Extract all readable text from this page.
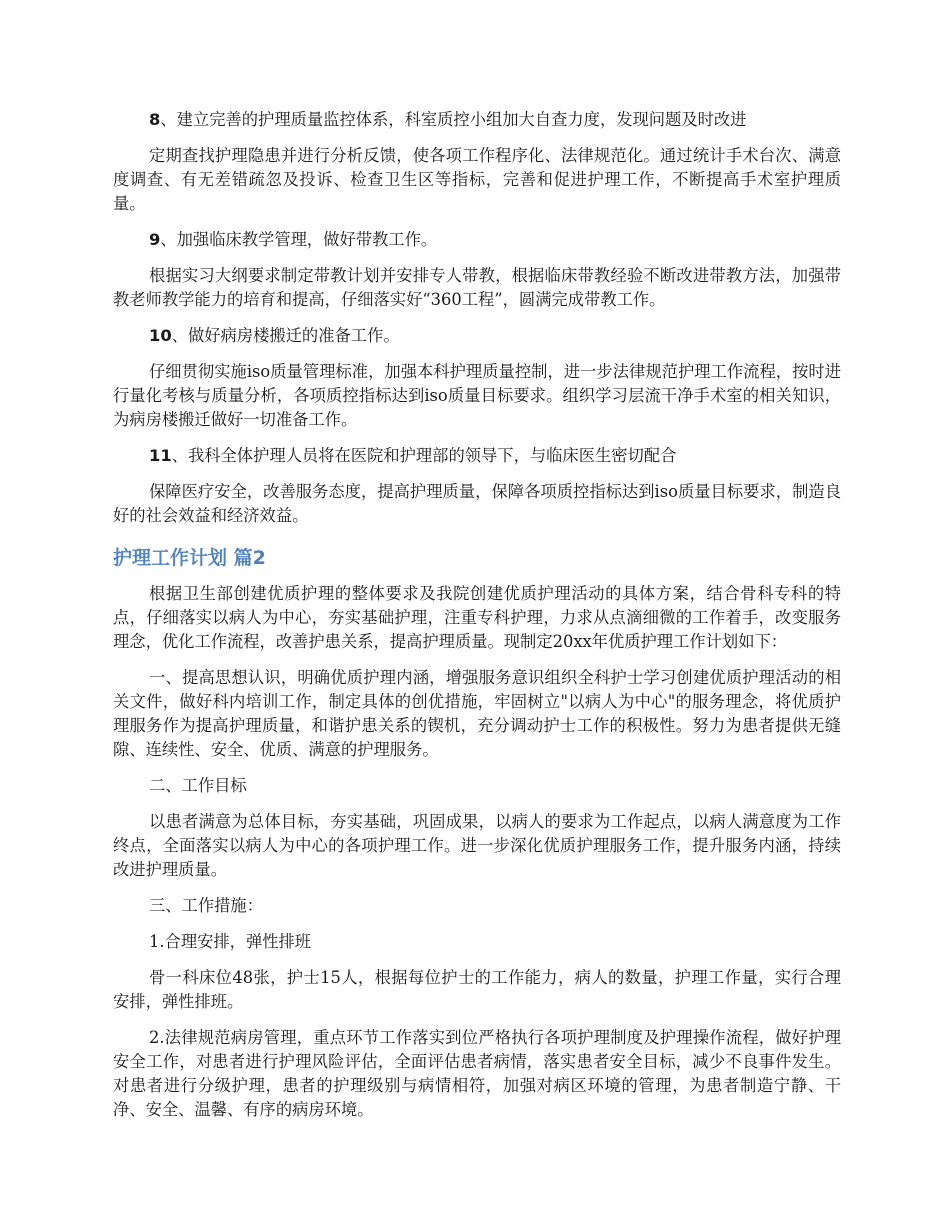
8、建立完善的护理质量监控体系，科室质控小组加大自查力度，发现问题及时改进

定期查找护理隐患并进行分析反馈，使各项工作程序化、法律规范化。通过统计手术台次、满意度调查、有无差错疏忽及投诉、检查卫生区等指标，完善和促进护理工作，不断提高手术室护理质量。

9、加强临床教学管理，做好带教工作。

根据实习大纲要求制定带教计划并安排专人带教，根据临床带教经验不断改进带教方法，加强带教老师教学能力的培育和提高，仔细落实好“360工程”，圆满完成带教工作。

10、做好病房楼搬迁的准备工作。

仔细贯彻实施iso质量管理标准，加强本科护理质量控制，进一步法律规范护理工作流程，按时进行量化考核与质量分析，各项质控指标达到iso质量目标要求。组织学习层流干净手术室的相关知识，为病房楼搬迁做好一切准备工作。

11、我科全体护理人员将在医院和护理部的领导下，与临床医生密切配合

保障医疗安全，改善服务态度，提高护理质量，保障各项质控指标达到iso质量目标要求，制造良好的社会效益和经济效益。

护理工作计划 篇2

根据卫生部创建优质护理的整体要求及我院创建优质护理活动的具体方案，结合骨科专科的特点，仔细落实以病人为中心，夯实基础护理，注重专科护理，力求从点滴细微的工作着手，改变服务理念，优化工作流程，改善护患关系，提高护理质量。现制定20xx年优质护理工作计划如下：

一、提高思想认识，明确优质护理内涵，增强服务意识组织全科护士学习创建优质护理活动的相关文件，做好科内培训工作，制定具体的创优措施，牢固树立"以病人为中心"的服务理念，将优质护理服务作为提高护理质量，和谐护患关系的锲机，充分调动护士工作的积极性。努力为患者提供无缝隙、连续性、安全、优质、满意的护理服务。

二、工作目标

以患者满意为总体目标，夯实基础，巩固成果，以病人的要求为工作起点，以病人满意度为工作终点，全面落实以病人为中心的各项护理工作。进一步深化优质护理服务工作，提升服务内涵，持续改进护理质量。

三、工作措施：

1.合理安排，弹性排班

骨一科床位48张，护士15人，根据每位护士的工作能力，病人的数量，护理工作量，实行合理安排，弹性排班。

2.法律规范病房管理，重点环节工作落实到位严格执行各项护理制度及护理操作流程，做好护理安全工作，对患者进行护理风险评估，全面评估患者病情，落实患者安全目标，减少不良事件发生。对患者进行分级护理，患者的护理级别与病情相符，加强对病区环境的管理，为患者制造宁静、干净、安全、温馨、有序的病房环境。
